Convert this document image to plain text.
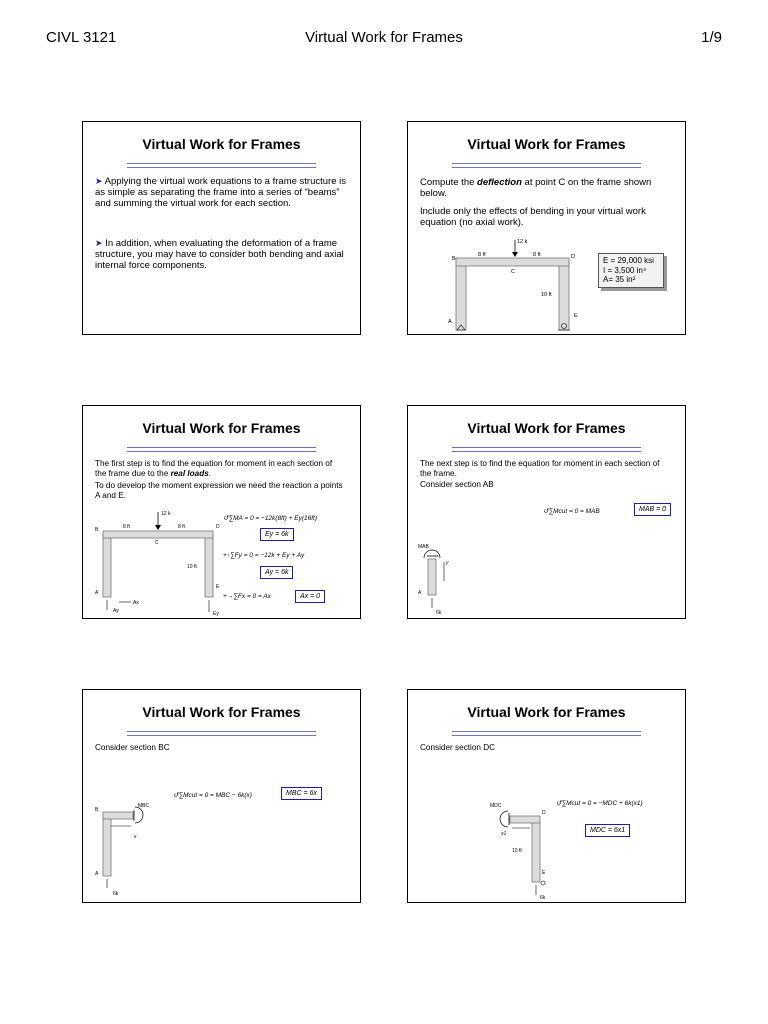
CIVL 3121	Virtual Work for Frames	1/9
Virtual Work for Frames
➤ Applying the virtual work equations to a frame structure is as simple as separating the frame into a series of “beams” and summing the virtual work for each section.
➤ In addition, when evaluating the deformation of a frame structure, you may have to consider both bending and axial internal force components.
Virtual Work for Frames
Compute the deflection at point C on the frame shown below.
Include only the effects of bending in your virtual work equation (no axial work).
12 k
8 ft	8 ft
10 ft
B	D
C
A
E
E = 29,000 ksi
I = 3,500 in⁴
A= 35 in²
Virtual Work for Frames
The first step is to find the equation for moment in each section of the frame due to the real loads.
To do develop the moment expression we need the reaction a points A and E.
12 k
8 ft	8 ft
10 ft
B	D
C
A
E
Ax
Ay	Ey
↺∑MA = 0 = −12k(8ft) + Ey(16ft)
Ey = 6k
+↑∑Fy = 0 = −12k + Ey + Ay
Ay = 6k
+→∑Fx = 0 = Ax	Ax = 0
Virtual Work for Frames
The next step is to find the equation for moment in each section of the frame.
Consider section AB
↺∑Mcut = 0 = MAB	MAB = 0
MAB
y
A
6k
Virtual Work for Frames
Consider section BC
↺∑Mcut = 0 = MBC − 6k(x)	MBC = 6x
MBC
B
x
A
6k
Virtual Work for Frames
Consider section DC
↺∑Mcut = 0 = −MDC + 6k(x1)
MDC = 6x1
MDC
D
x1
10 ft
E
6k
